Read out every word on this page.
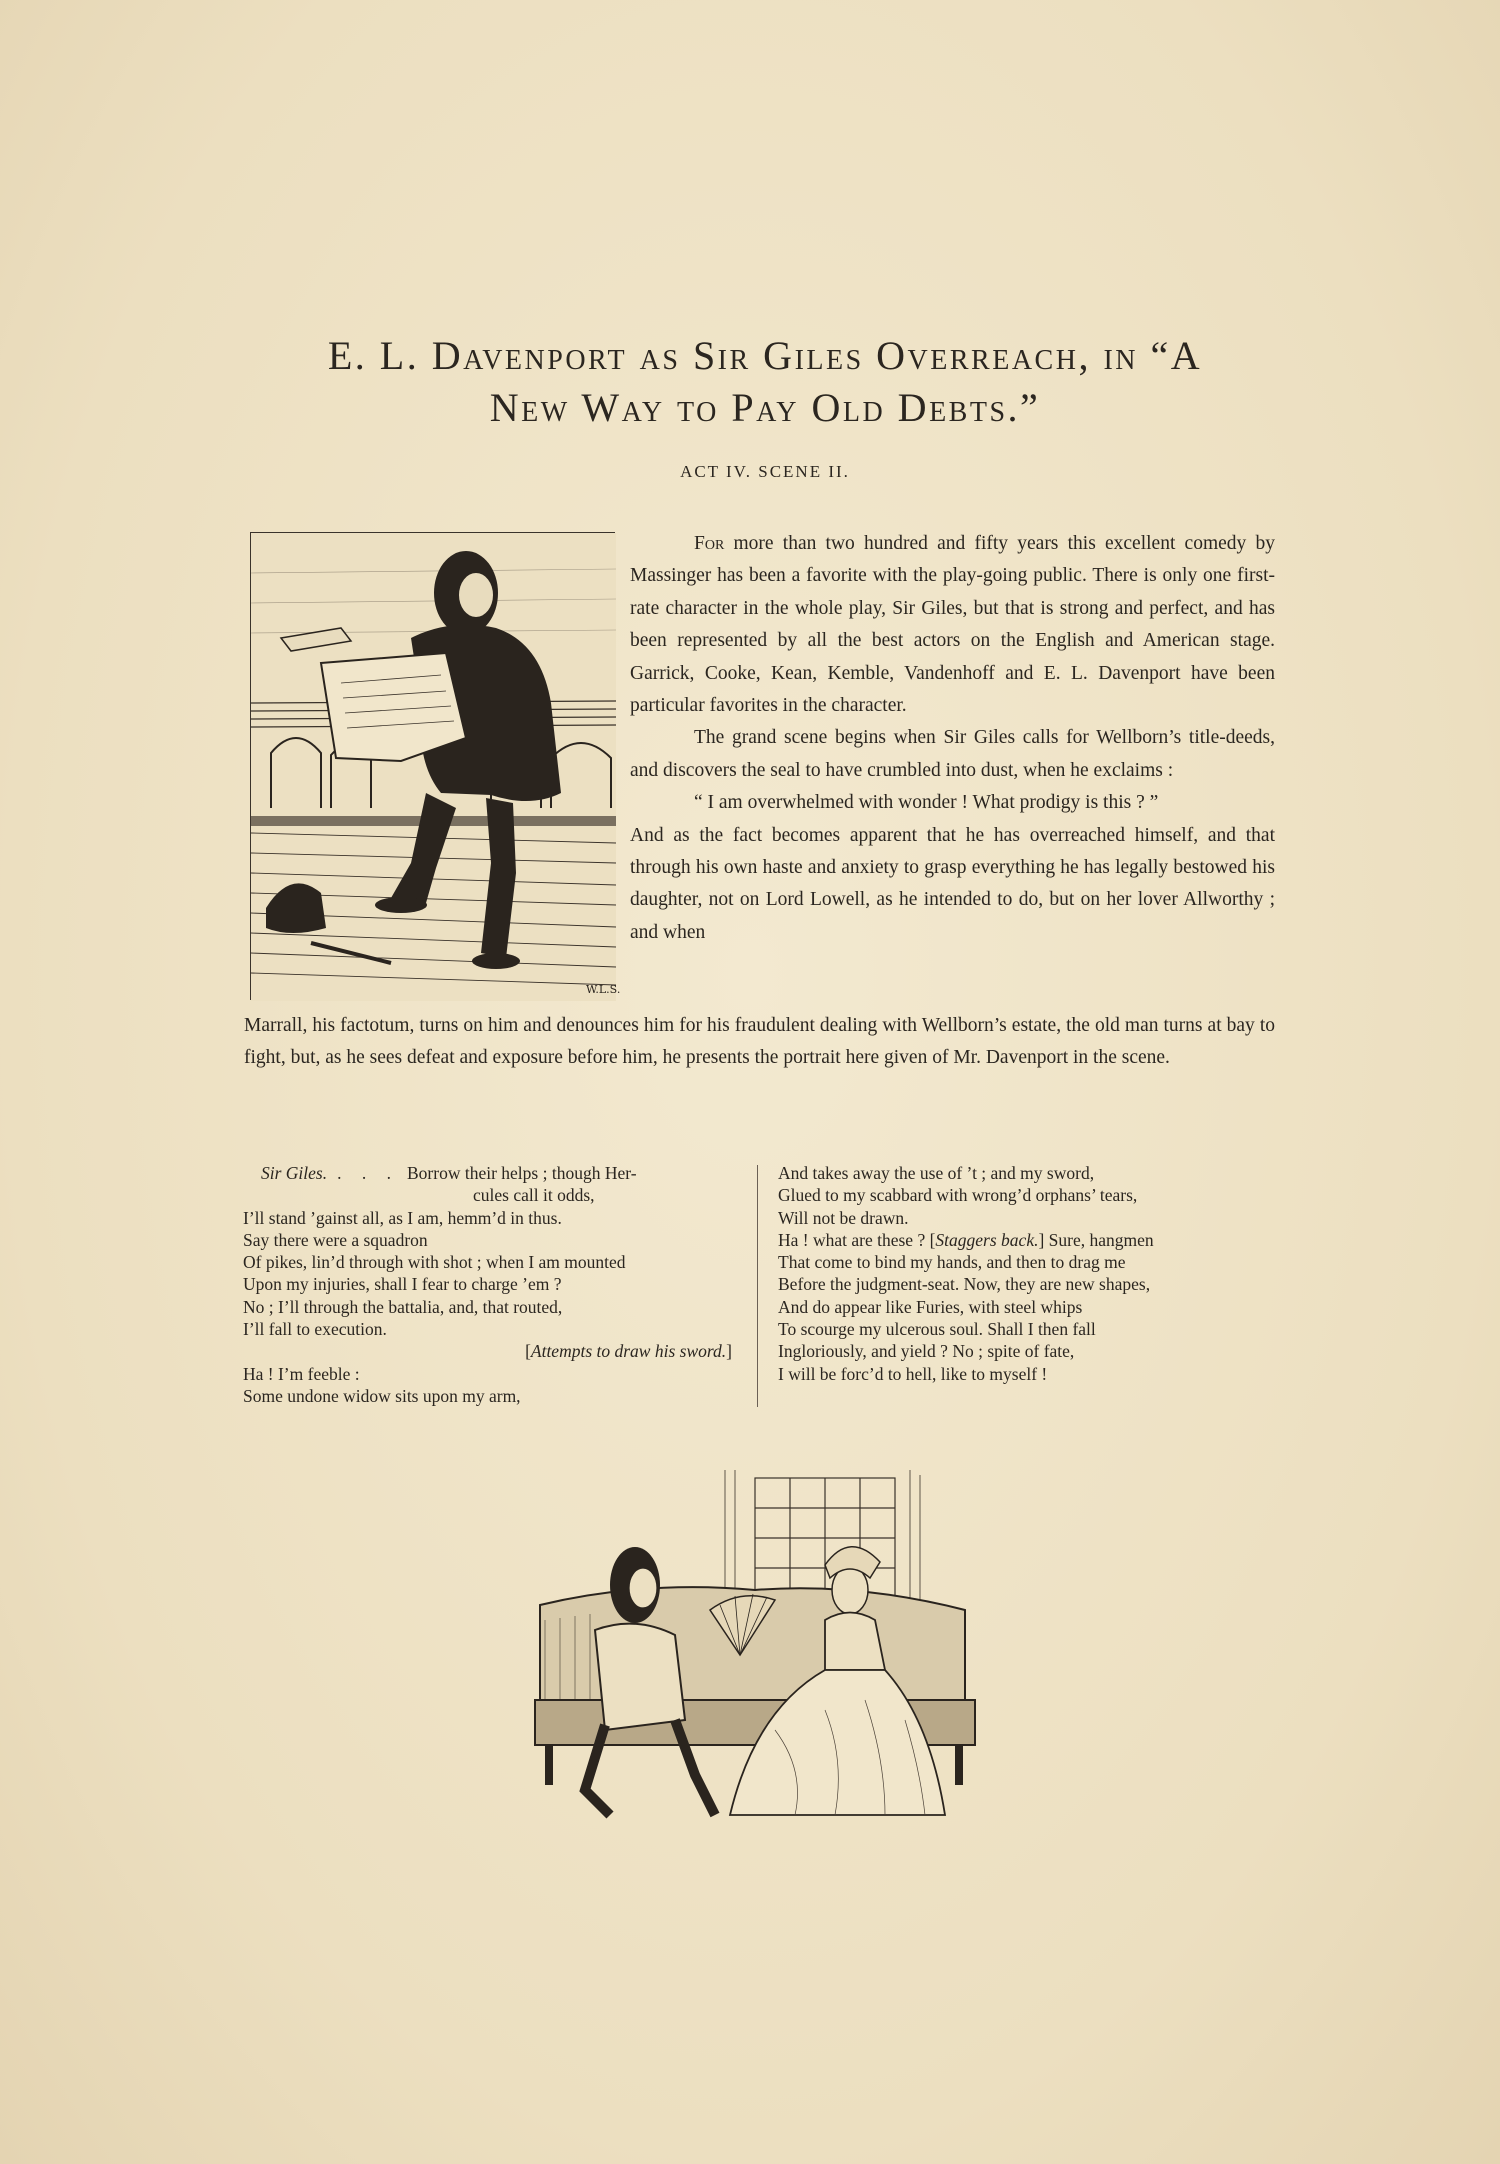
E. L. Davenport as Sir Giles Overreach, in “A
New Way to Pay Old Debts.”
ACT IV. SCENE II.
W.L.S.

For more than two hundred and fifty years this excellent comedy by Massinger has been a favorite with the play-going public. There is only one first-rate character in the whole play, Sir Giles, but that is strong and perfect, and has been represented by all the best actors on the English and American stage. Garrick, Cooke, Kean, Kemble, Vandenhoff and E. L. Davenport have been particular favorites in the character.

The grand scene begins when Sir Giles calls for Wellborn’s title-deeds, and discovers the seal to have crumbled into dust, when he exclaims :

“ I am overwhelmed with wonder ! What prodigy is this ? ”

And as the fact becomes apparent that he has overreached himself, and that through his own haste and anxiety to grasp everything he has legally bestowed his daughter, not on Lord Lowell, as he intended to do, but on her lover Allworthy ; and when

Marrall, his factotum, turns on him and denounces him for his fraudulent dealing with Wellborn’s estate, the old man turns at bay to fight, but, as he sees defeat and exposure before him, he presents the portrait here given of Mr. Davenport in the scene.

Sir Giles. . . . Borrow their helps ; though Her-
cules call it odds,
I’ll stand ’gainst all, as I am, hemm’d in thus.
Say there were a squadron
Of pikes, lin’d through with shot ; when I am mounted
Upon my injuries, shall I fear to charge ’em ?
No ; I’ll through the battalia, and, that routed,
I’ll fall to execution.
[Attempts to draw his sword.]
Ha ! I’m feeble :
Some undone widow sits upon my arm,
And takes away the use of ’t ; and my sword,
Glued to my scabbard with wrong’d orphans’ tears,
Will not be drawn.
Ha ! what are these ? [Staggers back.] Sure, hangmen
That come to bind my hands, and then to drag me
Before the judgment-seat. Now, they are new shapes,
And do appear like Furies, with steel whips
To scourge my ulcerous soul. Shall I then fall
Ingloriously, and yield ? No ; spite of fate,
I will be forc’d to hell, like to myself !
